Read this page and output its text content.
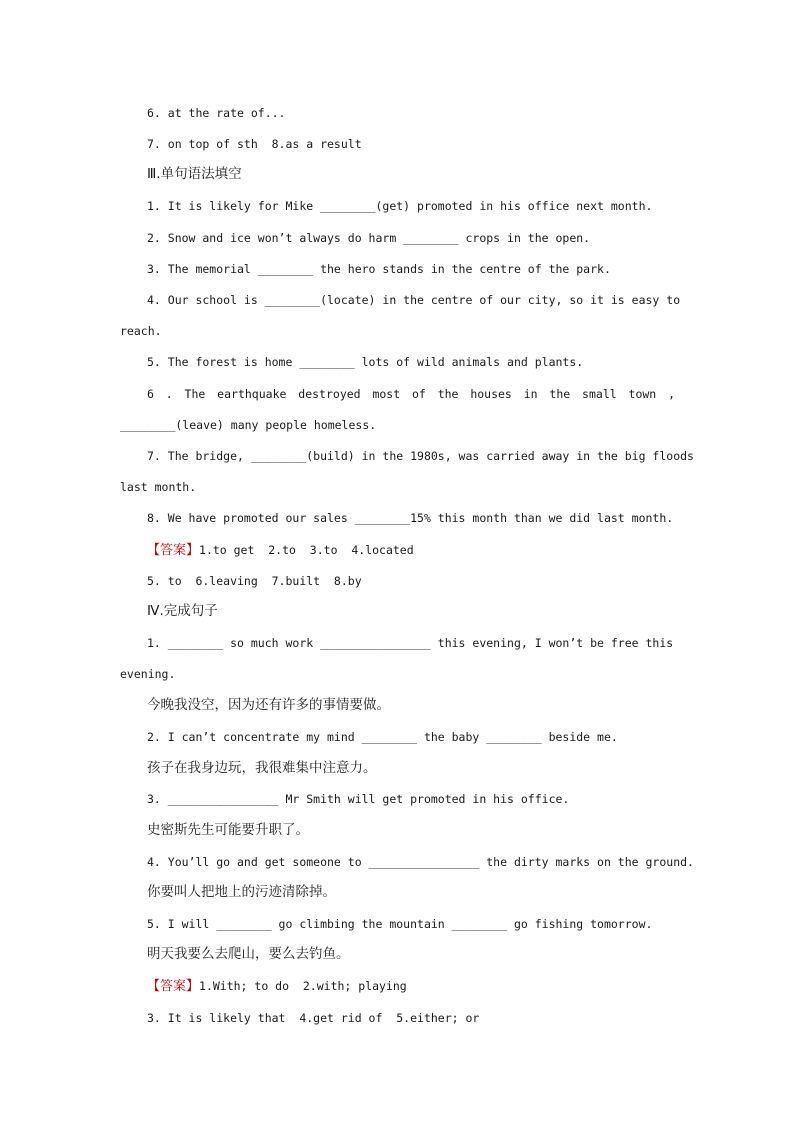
6. at the rate of...
7. on top of sth  8.as a result
Ⅲ.单句语法填空
1. It is likely for Mike ________(get) promoted in his office next month.
2. Snow and ice won’t always do harm ________ crops in the open.
3. The memorial ________ the hero stands in the centre of the park.
4. Our school is ________(locate) in the centre of our city, so it is easy to
reach.
5. The forest is home ________ lots of wild animals and plants.
6 . The earthquake destroyed most of the houses in the small town ,
________(leave) many people homeless.
7. The bridge, ________(build) in the 1980s, was carried away in the big floods
last month.
8. We have promoted our sales ________15% this month than we did last month.
【答案】1.to get  2.to  3.to  4.located
5. to  6.leaving  7.built  8.by
Ⅳ.完成句子
1. ________ so much work ________________ this evening, I won’t be free this
evening.
今晚我没空，因为还有许多的事情要做。
2. I can’t concentrate my mind ________ the baby ________ beside me.
孩子在我身边玩，我很难集中注意力。
3. ________________ Mr Smith will get promoted in his office.
史密斯先生可能要升职了。
4. You’ll go and get someone to ________________ the dirty marks on the ground.
你要叫人把地上的污迹清除掉。
5. I will ________ go climbing the mountain ________ go fishing tomorrow.
明天我要么去爬山，要么去钓鱼。
【答案】1.With; to do  2.with; playing
3. It is likely that  4.get rid of  5.either; or
